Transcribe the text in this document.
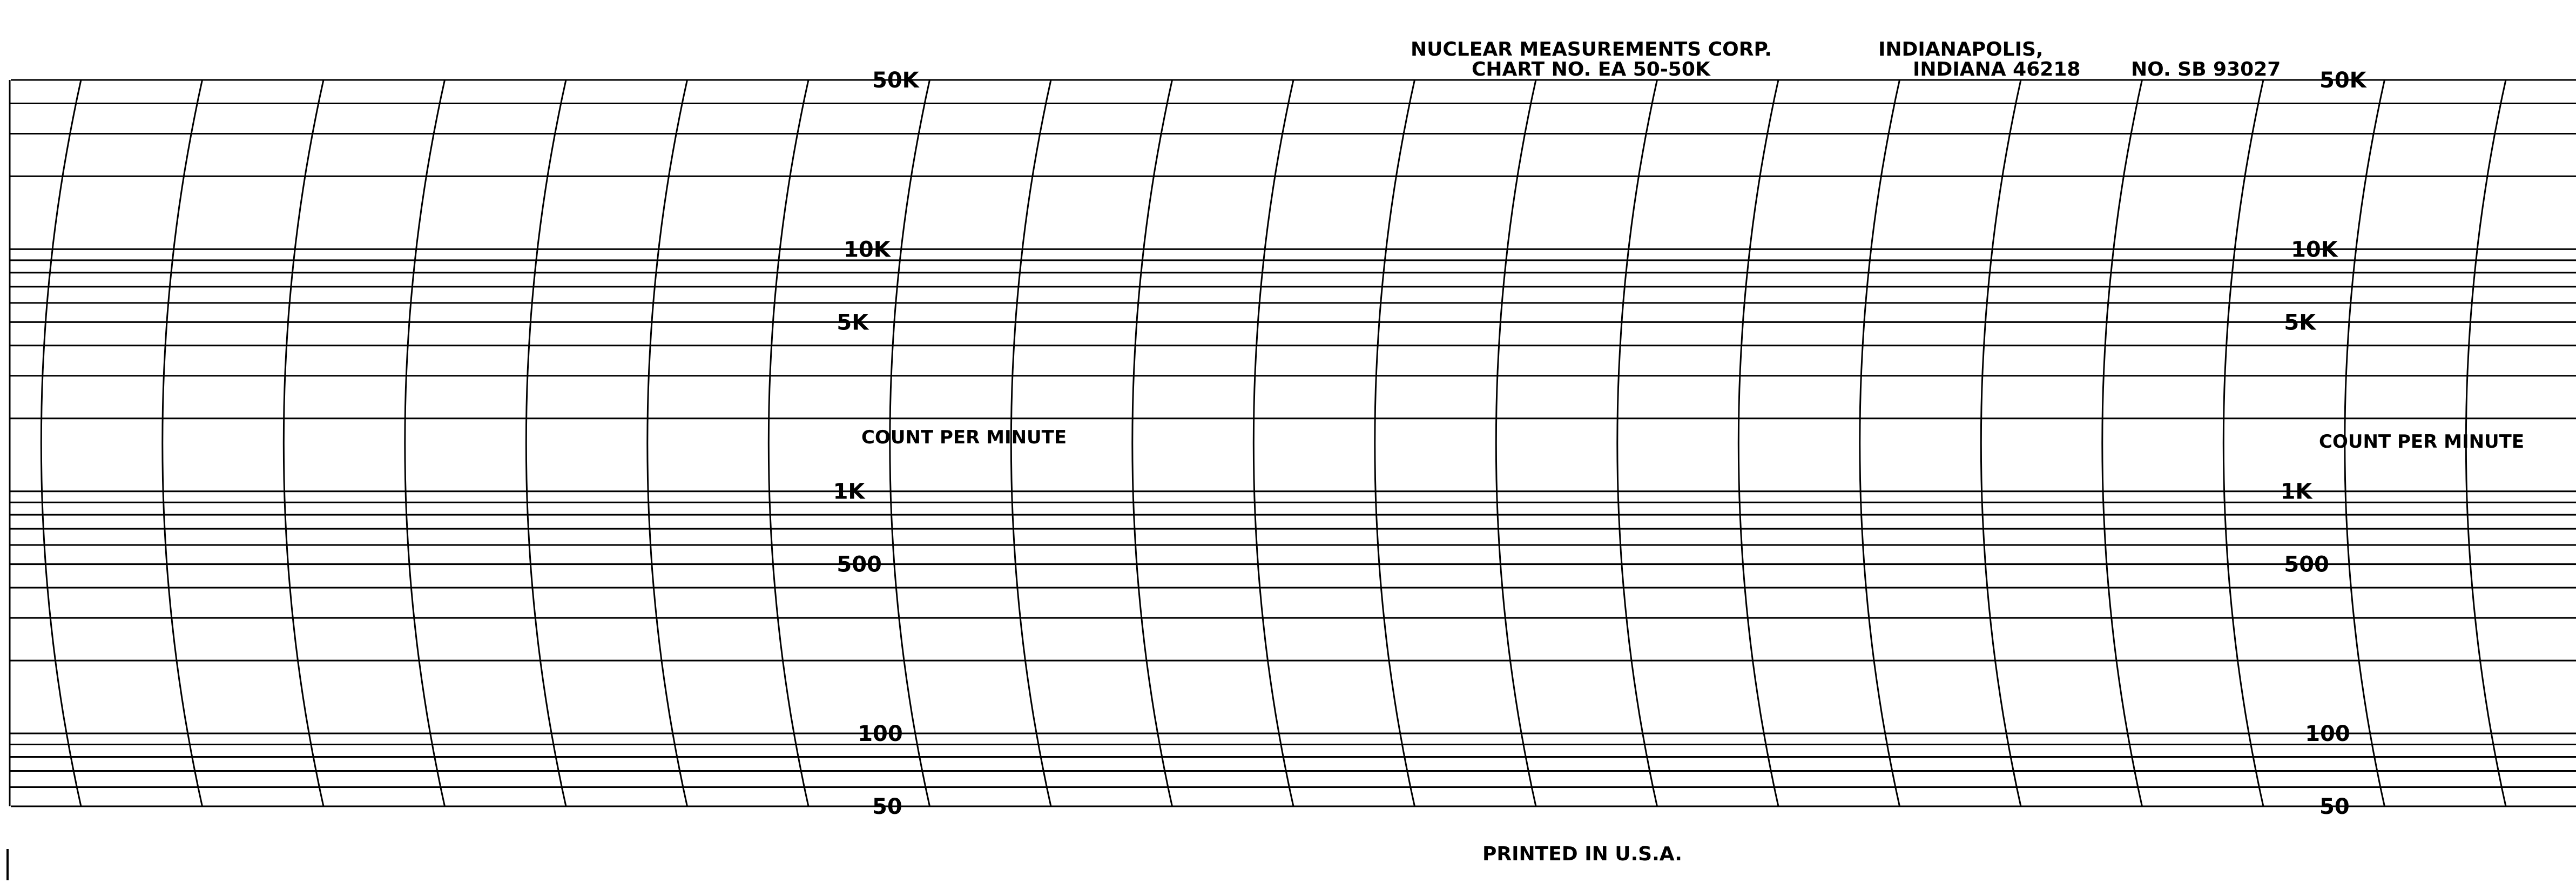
50K
10K
5K
1K
500
100
50
50K
10K
5K
1K
500
100
50
NUCLEAR MEASUREMENTS CORP.
CHART NO. EA 50-50K
INDIANAPOLIS,
INDIANA 46218	NO. SB 93027
COUNT PER MINUTE	COUNT PER MINUTE
PRINTED IN U.S.A.
